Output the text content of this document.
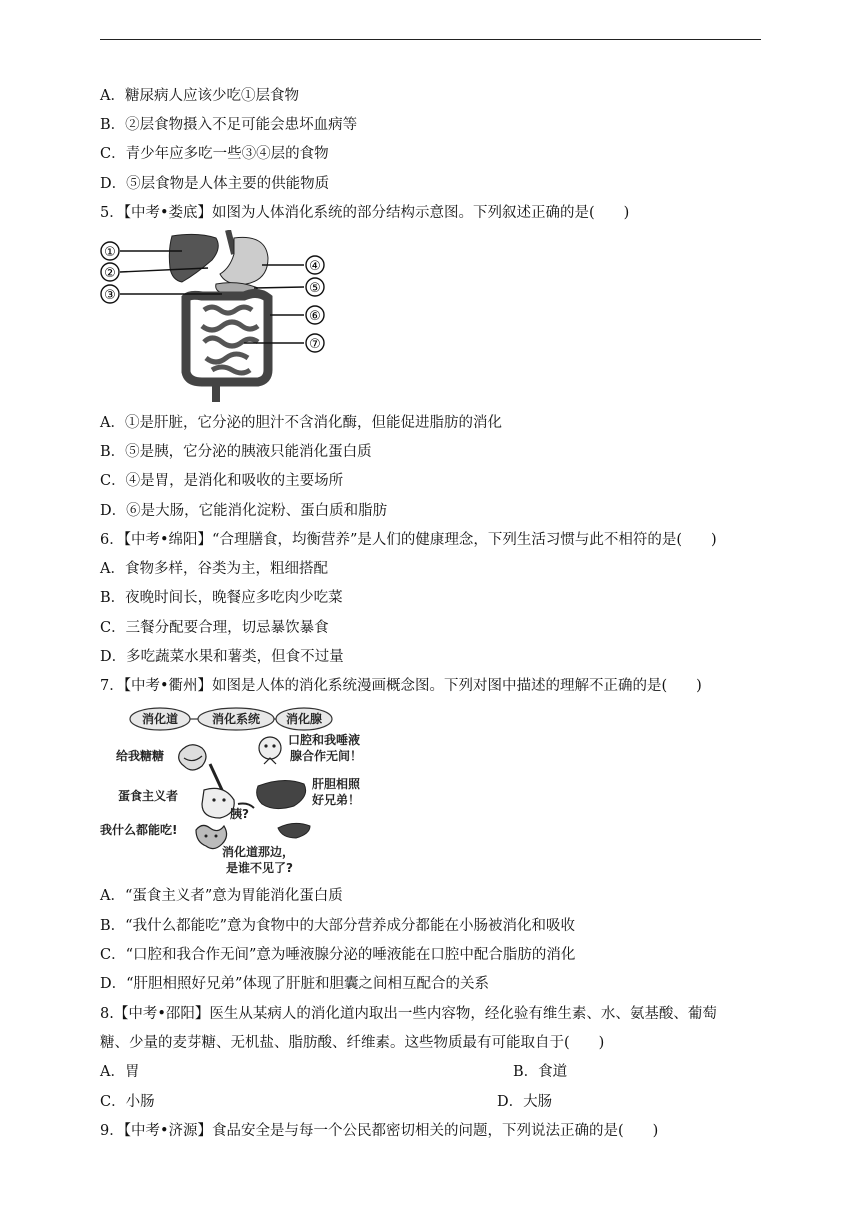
A．糖尿病人应该少吃①层食物
B．②层食物摄入不足可能会患坏血病等
C．青少年应多吃一些③④层的食物
D．⑤层食物是人体主要的供能物质
5．【中考•娄底】如图为人体消化系统的部分结构示意图。下列叙述正确的是(　　)
①
②
③
④
⑤
⑥
⑦
A．①是肝脏，它分泌的胆汁不含消化酶，但能促进脂肪的消化
B．⑤是胰，它分泌的胰液只能消化蛋白质
C．④是胃，是消化和吸收的主要场所
D．⑥是大肠，它能消化淀粉、蛋白质和脂肪
6．【中考•绵阳】“合理膳食，均衡营养”是人们的健康理念，下列生活习惯与此不相符的是(　　)
A．食物多样，谷类为主，粗细搭配
B．夜晚时间长，晚餐应多吃肉少吃菜
C．三餐分配要合理，切忌暴饮暴食
D．多吃蔬菜水果和薯类，但食不过量
7．【中考•衢州】如图是人体的消化系统漫画概念图。下列对图中描述的理解不正确的是(　　)
消化道	消化系统 消化腺
给我糖糖
口腔和我唾液
腺合作无间！
蛋食主义者
肝胆相照
好兄弟！
胰?
我什么都能吃!
消化道那边，
是谁不见了?
A．“蛋食主义者”意为胃能消化蛋白质
B．“我什么都能吃”意为食物中的大部分营养成分都能在小肠被消化和吸收
C．“口腔和我合作无间”意为唾液腺分泌的唾液能在口腔中配合脂肪的消化
D．“肝胆相照好兄弟”体现了肝脏和胆囊之间相互配合的关系
8.【中考•邵阳】医生从某病人的消化道内取出一些内容物，经化验有维生素、水、氨基酸、葡萄
糖、少量的麦芽糖、无机盐、脂肪酸、纤维素。这些物质最有可能取自于(　　)
A．胃	B．食道
C．小肠	D．大肠
9．【中考•济源】食品安全是与每一个公民都密切相关的问题，下列说法正确的是(　　)
